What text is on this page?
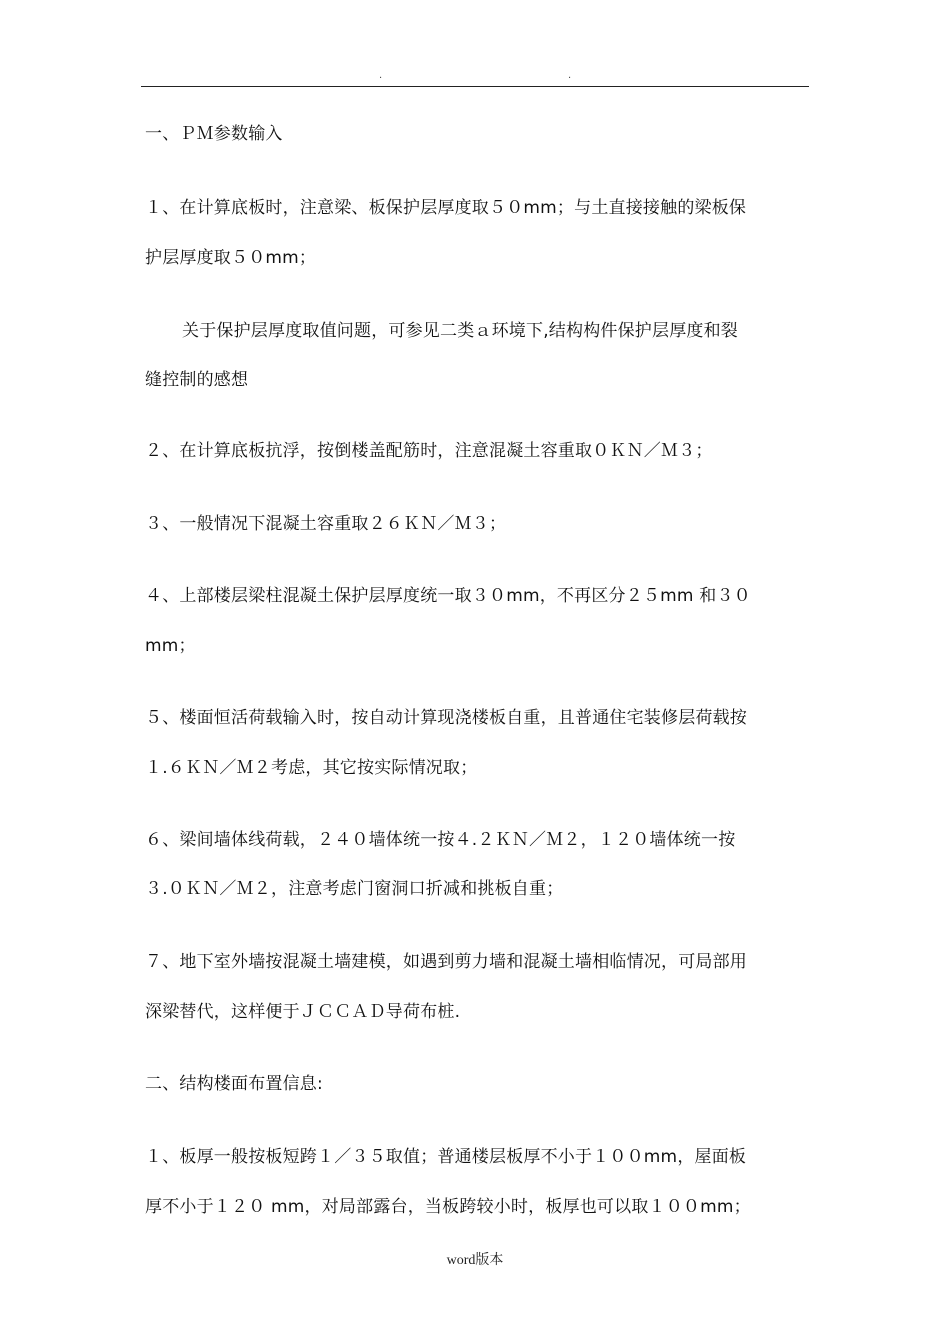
.	.
一、ＰＭ参数输入
１、在计算底板时，注意梁、板保护层厚度取５０mm；与土直接接触的梁板保
护层厚度取５０mm；
关于保护层厚度取值问题，可参见二类ａ环境下,结构构件保护层厚度和裂
缝控制的感想
２、在计算底板抗浮，按倒楼盖配筋时，注意混凝土容重取０ＫＮ／Ｍ３；
３、一般情况下混凝土容重取２６ＫＮ／Ｍ３；
４、上部楼层梁柱混凝土保护层厚度统一取３０mm，不再区分２５mm 和３０
mm；
５、楼面恒活荷载输入时，按自动计算现浇楼板自重，且普通住宅装修层荷载按
１.６ＫＮ／Ｍ２考虑，其它按实际情况取；
６、梁间墙体线荷载，２４０墙体统一按４.２ＫＮ／Ｍ２，１２０墙体统一按
３.０ＫＮ／Ｍ２，注意考虑门窗洞口折减和挑板自重；
７、地下室外墙按混凝土墙建模，如遇到剪力墙和混凝土墙相临情况，可局部用
深梁替代，这样便于ＪＣＣＡＤ导荷布桩.
二、结构楼面布置信息:
１、板厚一般按板短跨１／３５取值；普通楼层板厚不小于１００mm，屋面板
厚不小于１２０ mm，对局部露台，当板跨较小时，板厚也可以取１００mm；
word版本
